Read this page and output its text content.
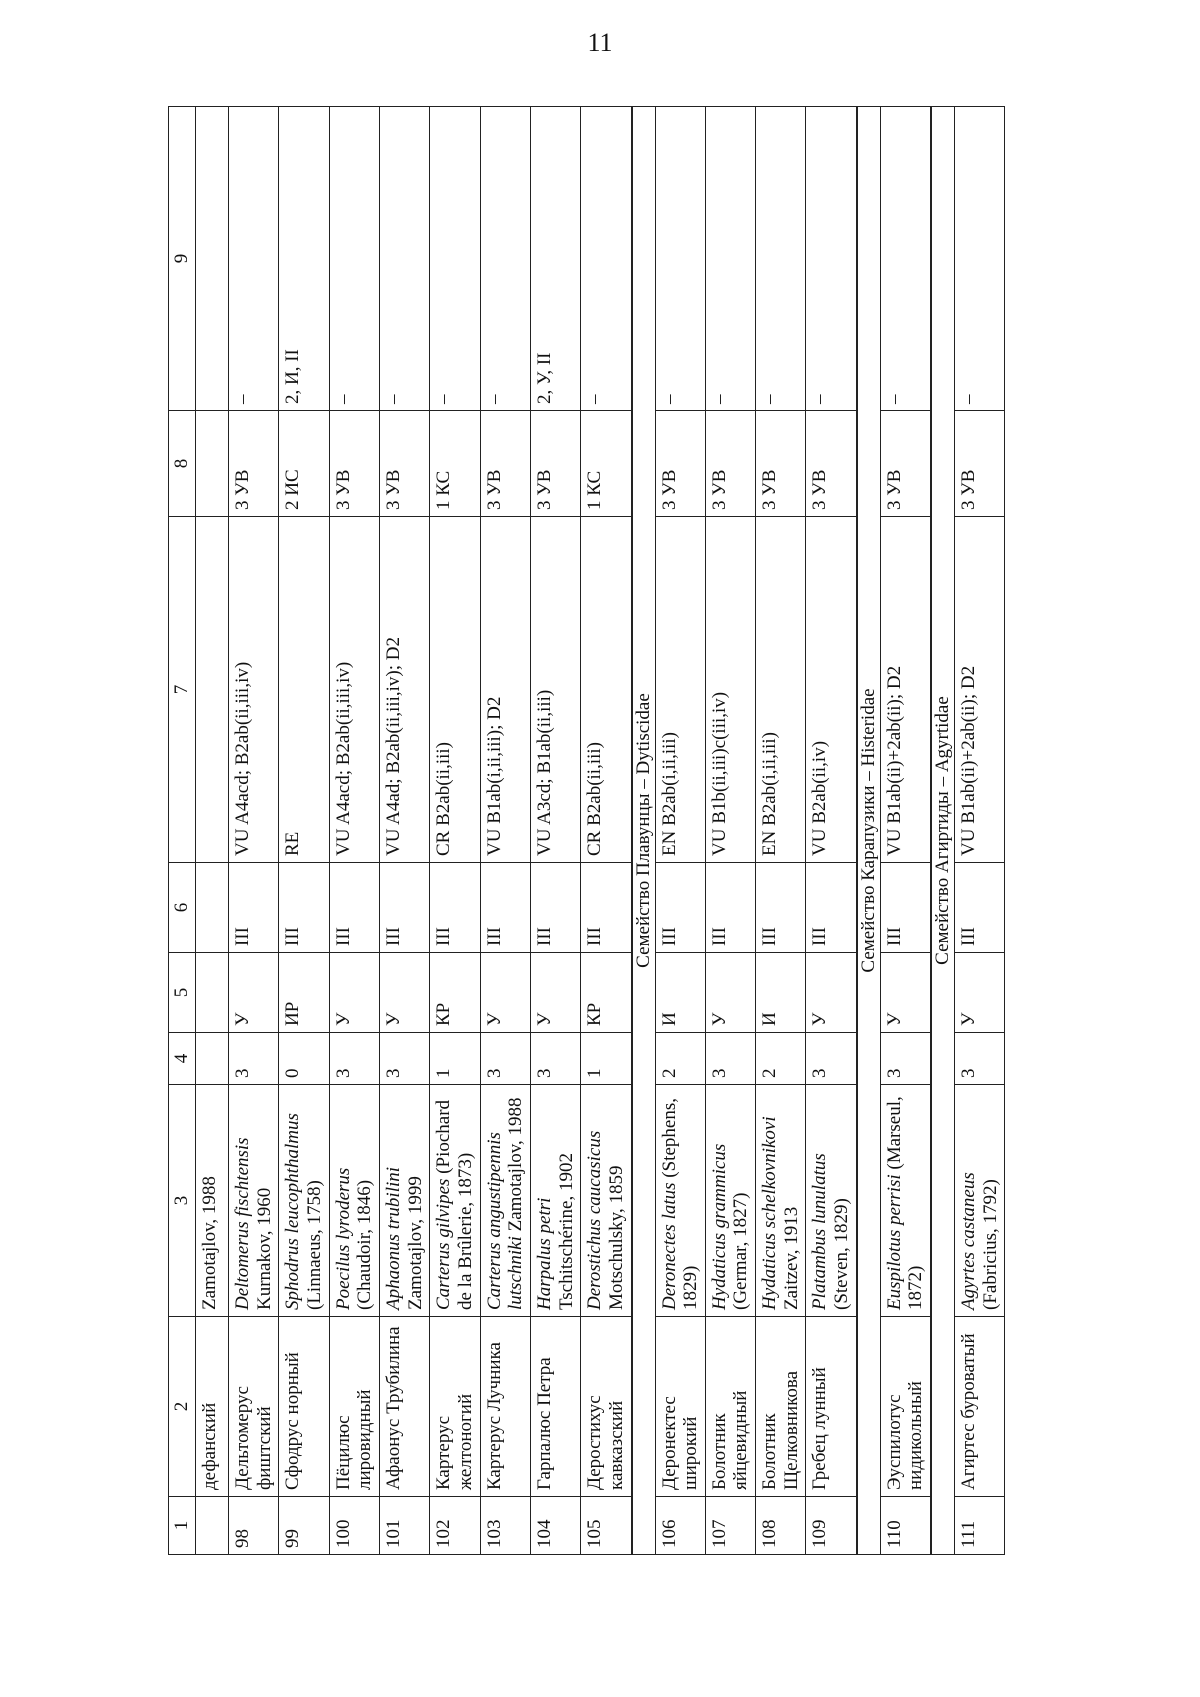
11
1	2	3	4	5	6	7	8	9
	дефанский	Zamotajlov, 1988						
98	Дельтомерус фиштский	Deltomerus fischtensis Kurnakov, 1960	3	У	III	VU A4acd; B2ab(ii,iii,iv)	3 УВ	–
99	Сфодрус норный	Sphodrus leucophthalmus (Linnaeus, 1758)	0	ИР	III	RE	2 ИС	2, И, II
100	Пёцилюс лировидный	Poecilus lyroderus (Chaudoir, 1846)	3	У	III	VU A4acd; B2ab(ii,iii,iv)	3 УВ	–
101	Афаонус Трубилина	Aphaonus trubilini Zamotajlov, 1999	3	У	III	VU A4ad; B2ab(ii,iii,iv); D2	3 УВ	–
102	Картерус желтоногий	Carterus gilvipes (Piochard de la Brûlerie, 1873)	1	КР	III	CR B2ab(ii,iii)	1 КС	–
103	Картерус Лучника	Carterus angustipennis lutschniki Zamotajlov, 1988	3	У	III	VU B1ab(i,ii,iii); D2	3 УВ	–
104	Гарпалюс Петра	Harpalus petri Tschitschérine, 1902	3	У	III	VU A3cd; B1ab(ii,iii)	3 УВ	2, У, II
105	Деростихус кавказский	Derostichus caucasicus Motschulsky, 1859	1	КР	III	CR B2ab(ii,iii)	1 КС	–
Семейство Плавунцы – Dytiscidae								
106	Деронектес широкий	Deronectes latus (Stephens, 1829)	2	И	III	EN B2ab(i,ii,iii)	3 УВ	–
107	Болотник яйцевидный	Hydaticus grammicus (Germar, 1827)	3	У	III	VU B1b(ii,iii)c(iii,iv)	3 УВ	–
108	Болотник Щелковникова	Hydaticus schelkovnikovi Zaitzev, 1913	2	И	III	EN B2ab(i,ii,iii)	3 УВ	–
109	Гребец лунный	Platambus lunulatus (Steven, 1829)	3	У	III	VU B2ab(ii,iv)	3 УВ	–
Семейство Карапузики – Histeridae								
110	Эуспилотус нидикольный	Euspilotus perrisi (Marseul, 1872)	3	У	III	VU B1ab(ii)+2ab(ii); D2	3 УВ	–
Семейство Агиртиды – Agyrtidae								
111	Агиртес буроватый	Agyrtes castaneus (Fabricius, 1792)	3	У	III	VU B1ab(ii)+2ab(ii); D2	3 УВ	–
